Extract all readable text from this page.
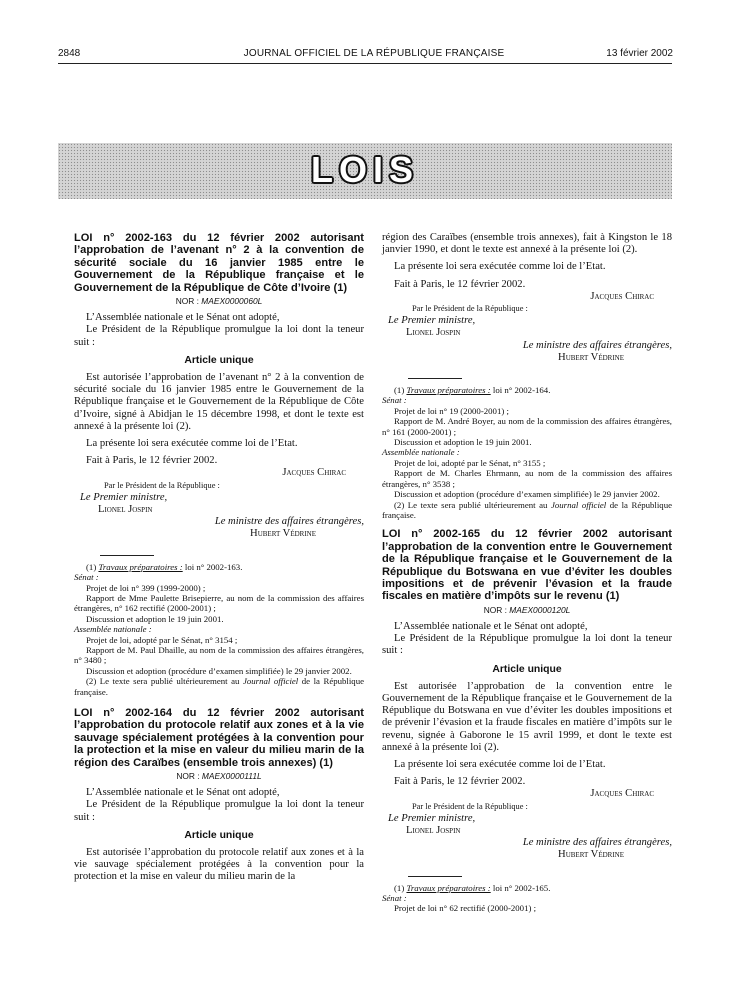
2848	JOURNAL OFFICIEL DE LA RÉPUBLIQUE FRANÇAISE	13 février 2002
LOIS
LOI n° 2002-163 du 12 février 2002 autorisant l’approbation de l’avenant n° 2 à la convention de sécurité sociale du 16 janvier 1985 entre le Gouvernement de la République française et le Gouvernement de la République de Côte d’Ivoire (1)
NOR : MAEX0000060L

L’Assemblée nationale et le Sénat ont adopté,

Le Président de la République promulgue la loi dont la teneur suit :

Article unique

Est autorisée l’approbation de l’avenant n° 2 à la convention de sécurité sociale du 16 janvier 1985 entre le Gouvernement de la République française et le Gouvernement de la République de Côte d’Ivoire, signé à Abidjan le 15 décembre 1998, et dont le texte est annexé à la présente loi (2).

La présente loi sera exécutée comme loi de l’Etat.

Fait à Paris, le 12 février 2002.

Jacques Chirac
Par le Président de la République :
Le Premier ministre,
Lionel Jospin
Le ministre des affaires étrangères,
Hubert Védrine

(1) Travaux préparatoires : loi n° 2002-163.

Sénat :

Projet de loi n° 399 (1999-2000) ;

Rapport de Mme Paulette Brisepierre, au nom de la commission des affaires étrangères, n° 162 rectifié (2000-2001) ;

Discussion et adoption le 19 juin 2001.

Assemblée nationale :

Projet de loi, adopté par le Sénat, n° 3154 ;

Rapport de M. Paul Dhaille, au nom de la commission des affaires étrangères, n° 3480 ;

Discussion et adoption (procédure d’examen simplifiée) le 29 janvier 2002.

(2) Le texte sera publié ultérieurement au Journal officiel de la République française.

LOI n° 2002-164 du 12 février 2002 autorisant l’approbation du protocole relatif aux zones et à la vie sauvage spécialement protégées à la convention pour la protection et la mise en valeur du milieu marin de la région des Caraïbes (ensemble trois annexes) (1)
NOR : MAEX0000111L

L’Assemblée nationale et le Sénat ont adopté,

Le Président de la République promulgue la loi dont la teneur suit :

Article unique

Est autorisée l’approbation du protocole relatif aux zones et à la vie sauvage spécialement protégées à la convention pour la protection et la mise en valeur du milieu marin de la

région des Caraïbes (ensemble trois annexes), fait à Kingston le 18 janvier 1990, et dont le texte est annexé à la présente loi (2).

La présente loi sera exécutée comme loi de l’Etat.

Fait à Paris, le 12 février 2002.

Jacques Chirac
Par le Président de la République :
Le Premier ministre,
Lionel Jospin
Le ministre des affaires étrangères,
Hubert Védrine

(1) Travaux préparatoires : loi n° 2002-164.

Sénat :

Projet de loi n° 19 (2000-2001) ;

Rapport de M. André Boyer, au nom de la commission des affaires étrangères, n° 161 (2000-2001) ;

Discussion et adoption le 19 juin 2001.

Assemblée nationale :

Projet de loi, adopté par le Sénat, n° 3155 ;

Rapport de M. Charles Ehrmann, au nom de la commission des affaires étrangères, n° 3538 ;

Discussion et adoption (procédure d’examen simplifiée) le 29 janvier 2002.

(2) Le texte sera publié ultérieurement au Journal officiel de la République française.

LOI n° 2002-165 du 12 février 2002 autorisant l’approbation de la convention entre le Gouvernement de la République française et le Gouvernement de la République du Botswana en vue d’éviter les doubles impositions et de prévenir l’évasion et la fraude fiscales en matière d’impôts sur le revenu (1)
NOR : MAEX0000120L

L’Assemblée nationale et le Sénat ont adopté,

Le Président de la République promulgue la loi dont la teneur suit :

Article unique

Est autorisée l’approbation de la convention entre le Gouvernement de la République française et le Gouvernement de la République du Botswana en vue d’éviter les doubles impositions et de prévenir l’évasion et la fraude fiscales en matière d’impôts sur le revenu, signée à Gaborone le 15 avril 1999, et dont le texte est annexé à la présente loi (2).

La présente loi sera exécutée comme loi de l’Etat.

Fait à Paris, le 12 février 2002.

Jacques Chirac
Par le Président de la République :
Le Premier ministre,
Lionel Jospin
Le ministre des affaires étrangères,
Hubert Védrine

(1) Travaux préparatoires : loi n° 2002-165.

Sénat :

Projet de loi n° 62 rectifié (2000-2001) ;
